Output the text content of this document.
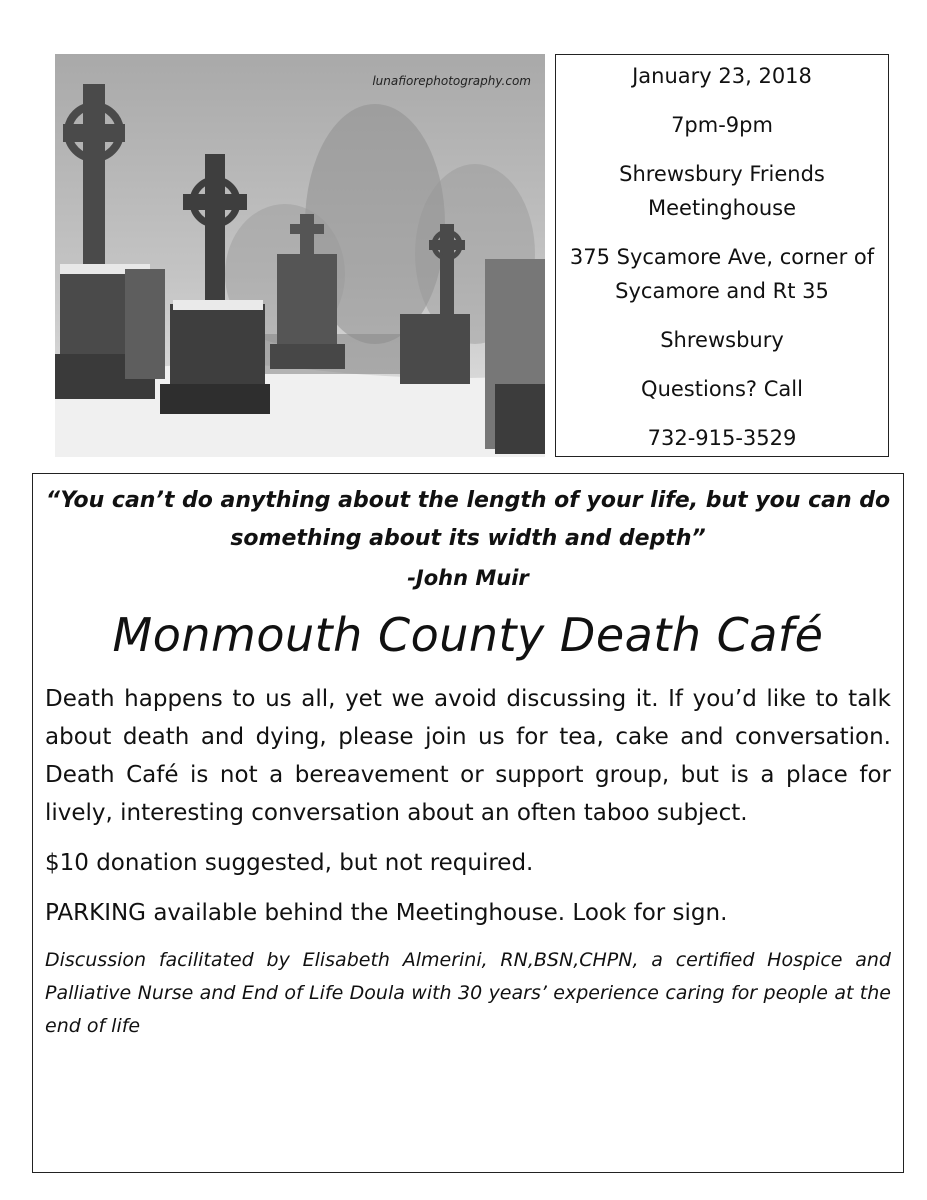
lunafiorephotography.com	January 23, 2018

7pm-9pm

Shrewsbury Friends Meetinghouse

375 Sycamore Ave, corner of Sycamore and Rt 35

Shrewsbury

Questions? Call

732-915-3529

“You can’t do anything about the length of your life, but you can do something about its width and depth”

-John Muir

Monmouth County Death Café

Death happens to us all, yet we avoid discussing it. If you’d like to talk about death and dying, please join us for tea, cake and conversation. Death Café is not a bereavement or support group, but is a place for lively, interesting conversation about an often taboo subject.

$10 donation suggested, but not required.

PARKING available behind the Meetinghouse. Look for sign.

Discussion facilitated by Elisabeth Almerini, RN,BSN,CHPN, a certified Hospice and Palliative Nurse and End of Life Doula with 30 years’ experience caring for people at the end of life
